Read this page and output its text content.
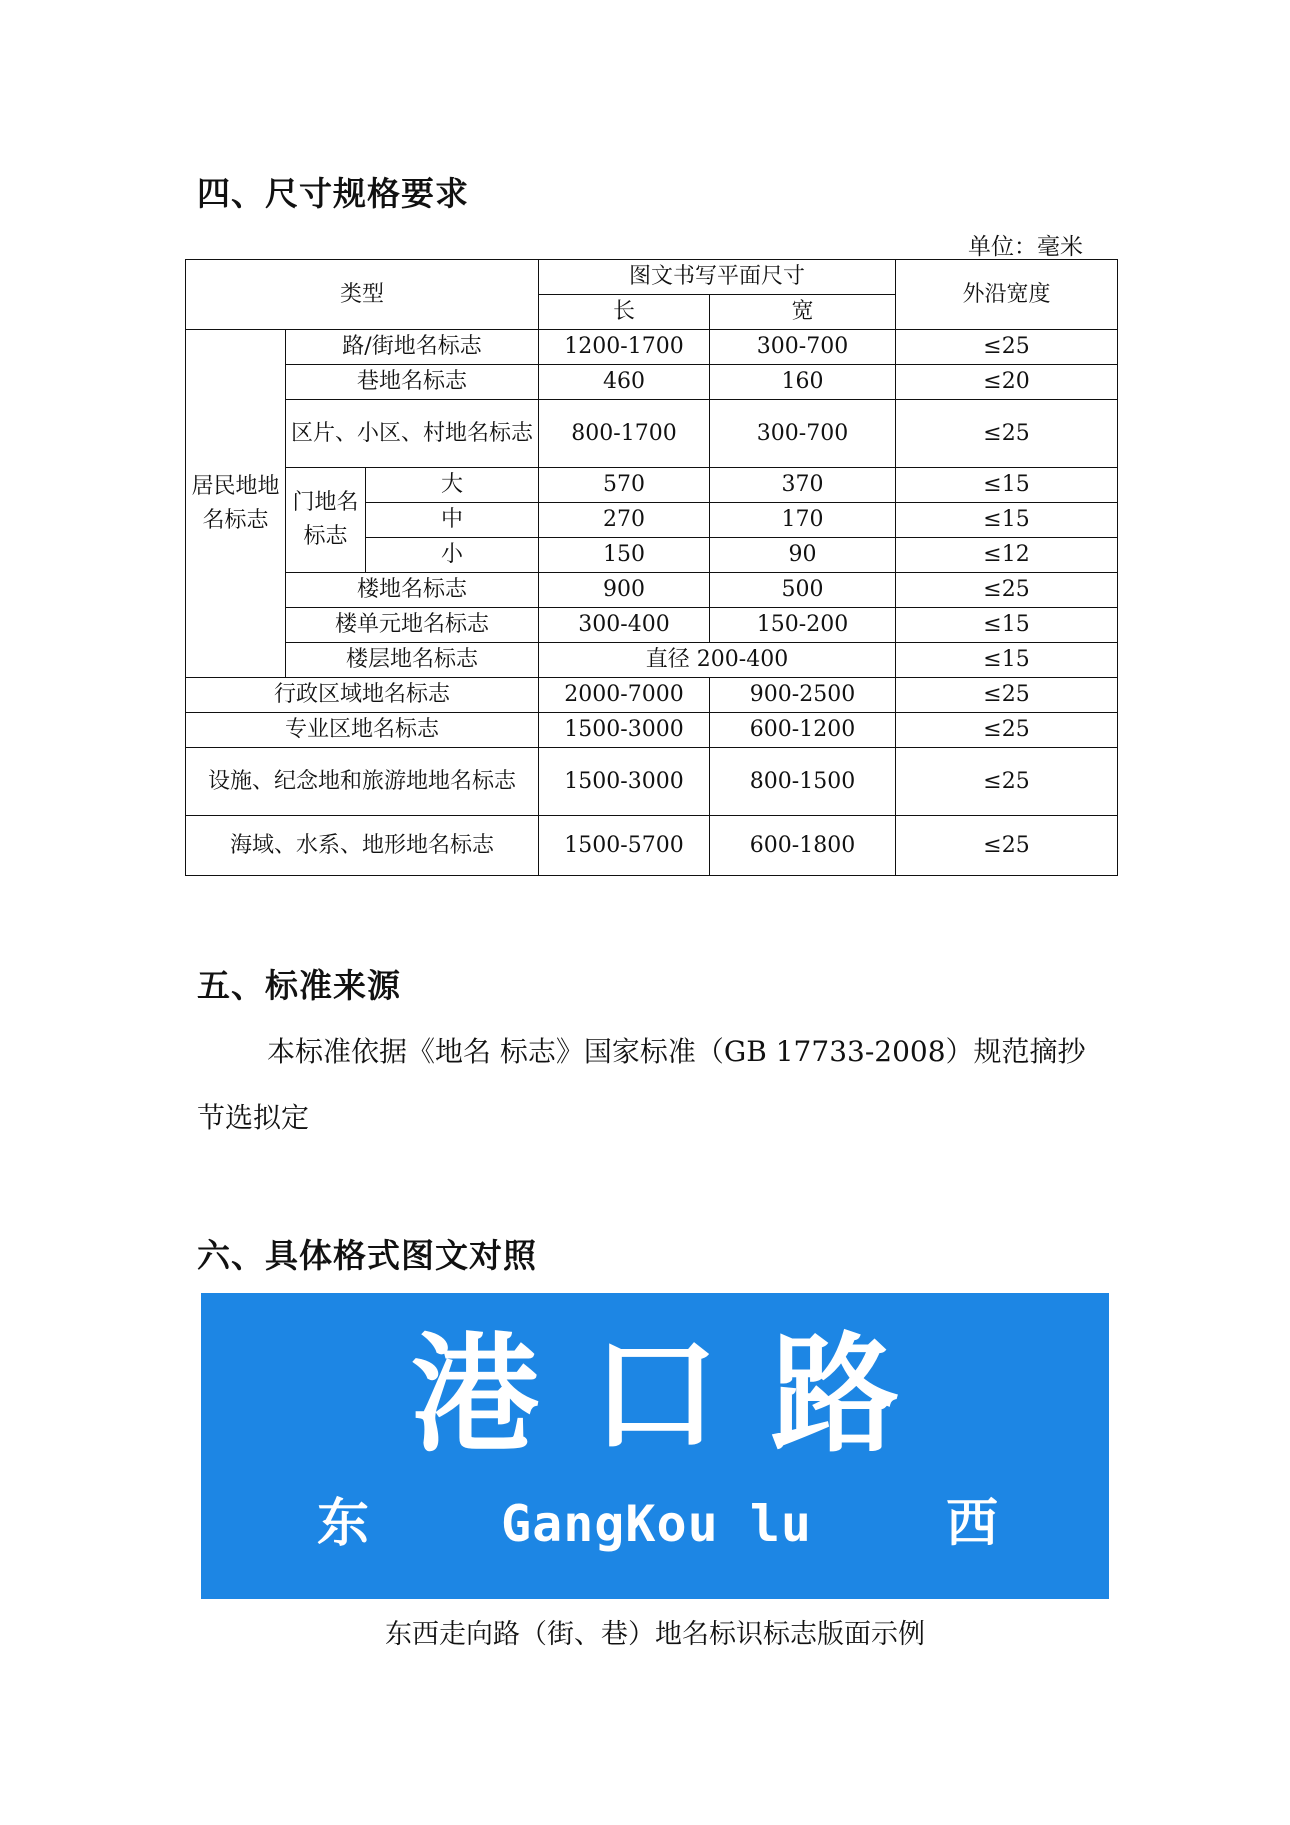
四、尺寸规格要求
单位：毫米
类型			图文书写平面尺寸		外沿宽度
			长	宽	
居民地地名标志	路/街地名标志		1200-1700	300-700	≤25
	巷地名标志		460	160	≤20
	区片、小区、村地名标志		800-1700	300-700	≤25
	门地名标志	大	570	370	≤15
		中	270	170	≤15
		小	150	90	≤12
	楼地名标志		900	500	≤25
	楼单元地名标志		300-400	150-200	≤15
	楼层地名标志		直径 200-400		≤15
行政区域地名标志			2000-7000	900-2500	≤25
专业区地名标志			1500-3000	600-1200	≤25
设施、纪念地和旅游地地名标志			1500-3000	800-1500	≤25
海域、水系、地形地名标志			1500-5700	600-1800	≤25
五、标准来源

本标准依据《地名 标志》国家标准（GB 17733-2008）规范摘抄节选拟定

六、具体格式图文对照
港口路
东	GangKou lu	西
东西走向路（街、巷）地名标识标志版面示例
